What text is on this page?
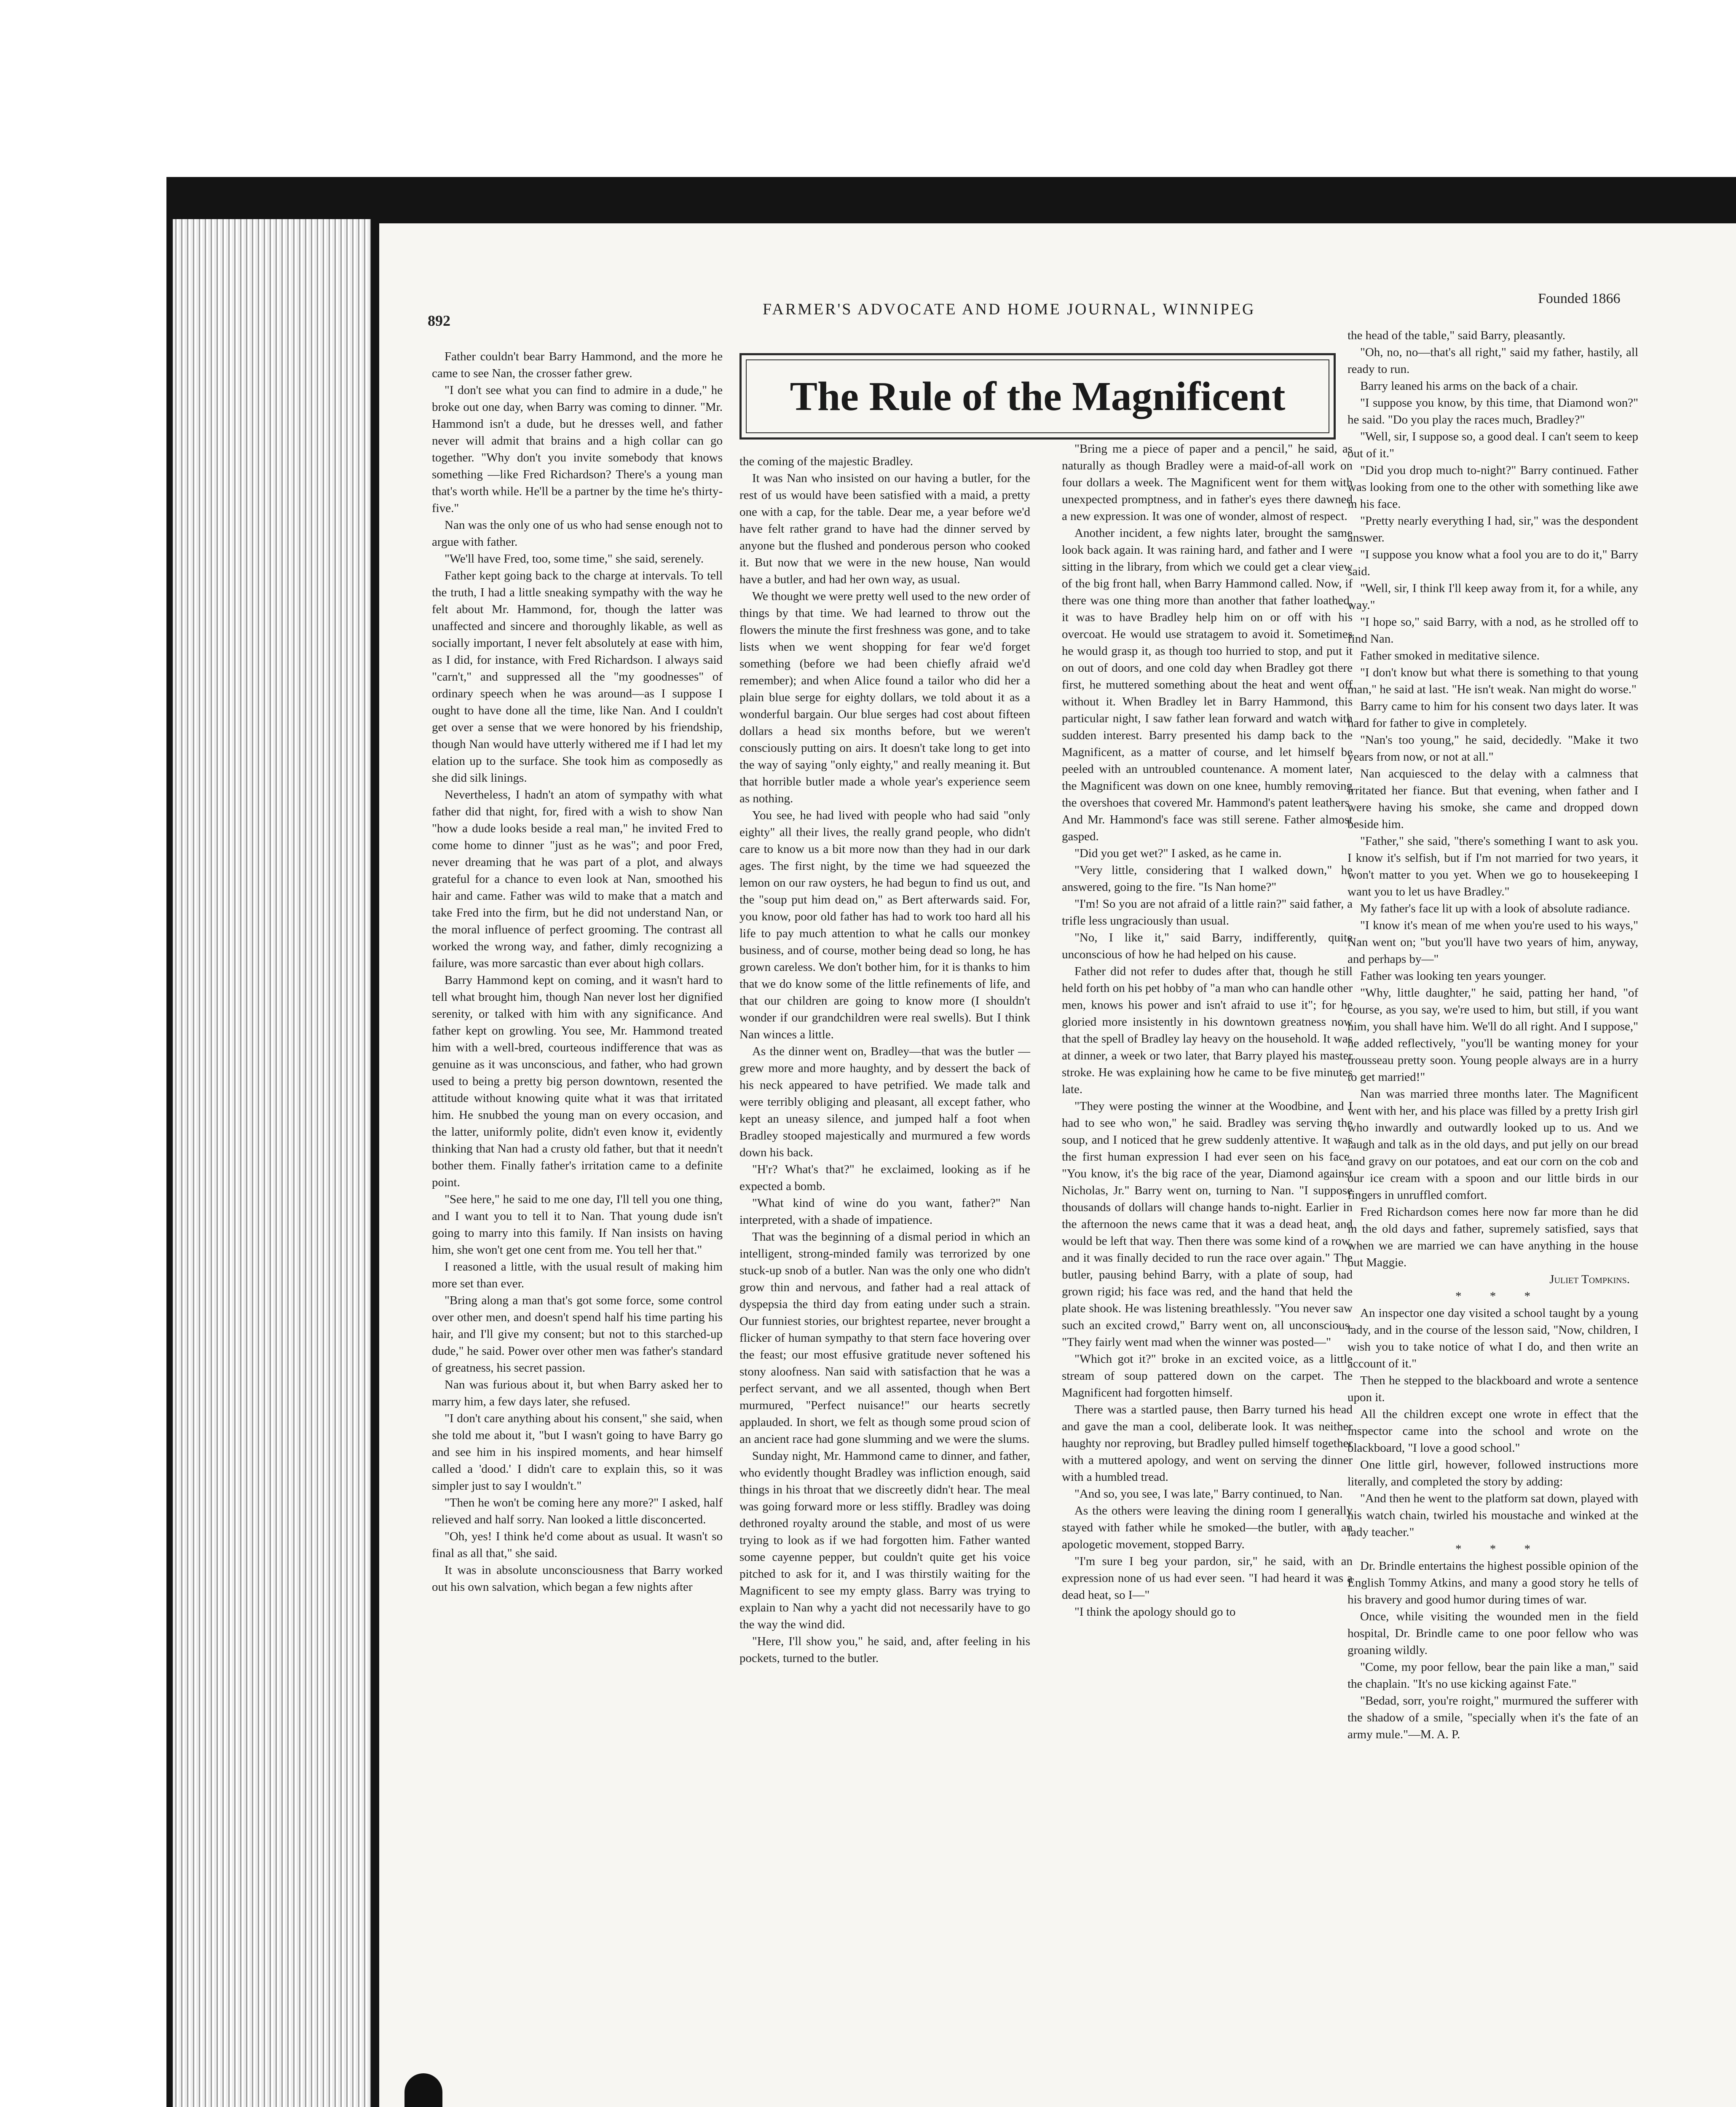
892
FARMER'S ADVOCATE AND HOME JOURNAL, WINNIPEG
Founded 1866
The Rule of the Magnificent

Father couldn't bear Barry Hammond, and the more he came to see Nan, the crosser father grew.

"I don't see what you can find to admire in a dude," he broke out one day, when Barry was coming to dinner. "Mr. Hammond isn't a dude, but he dresses well, and father never will admit that brains and a high collar can go together. "Why don't you invite somebody that knows something —like Fred Richardson? There's a young man that's worth while. He'll be a partner by the time he's thirty-five."

Nan was the only one of us who had sense enough not to argue with father.

"We'll have Fred, too, some time," she said, serenely.

Father kept going back to the charge at intervals. To tell the truth, I had a little sneaking sympathy with the way he felt about Mr. Hammond, for, though the latter was unaffected and sincere and thoroughly likable, as well as socially important, I never felt absolutely at ease with him, as I did, for instance, with Fred Richardson. I always said "carn't," and suppressed all the "my goodnesses" of ordinary speech when he was around—as I suppose I ought to have done all the time, like Nan. And I couldn't get over a sense that we were honored by his friendship, though Nan would have utterly withered me if I had let my elation up to the surface. She took him as composedly as she did silk linings.

Nevertheless, I hadn't an atom of sympathy with what father did that night, for, fired with a wish to show Nan "how a dude looks beside a real man," he invited Fred to come home to dinner "just as he was"; and poor Fred, never dreaming that he was part of a plot, and always grateful for a chance to even look at Nan, smoothed his hair and came. Father was wild to make that a match and take Fred into the firm, but he did not understand Nan, or the moral influence of perfect grooming. The contrast all worked the wrong way, and father, dimly recognizing a failure, was more sarcastic than ever about high collars.

Barry Hammond kept on coming, and it wasn't hard to tell what brought him, though Nan never lost her dignified serenity, or talked with him with any significance. And father kept on growling. You see, Mr. Hammond treated him with a well-bred, courteous indifference that was as genuine as it was unconscious, and father, who had grown used to being a pretty big person downtown, resented the attitude without knowing quite what it was that irritated him. He snubbed the young man on every occasion, and the latter, uniformly polite, didn't even know it, evidently thinking that Nan had a crusty old father, but that it needn't bother them. Finally father's irritation came to a definite point.

"See here," he said to me one day, I'll tell you one thing, and I want you to tell it to Nan. That young dude isn't going to marry into this family. If Nan insists on having him, she won't get one cent from me. You tell her that."

I reasoned a little, with the usual result of making him more set than ever.

"Bring along a man that's got some force, some control over other men, and doesn't spend half his time parting his hair, and I'll give my consent; but not to this starched-up dude," he said. Power over other men was father's standard of greatness, his secret passion.

Nan was furious about it, but when Barry asked her to marry him, a few days later, she refused.

"I don't care anything about his consent," she said, when she told me about it, "but I wasn't going to have Barry go and see him in his inspired moments, and hear himself called a 'dood.' I didn't care to explain this, so it was simpler just to say I wouldn't."

"Then he won't be coming here any more?" I asked, half relieved and half sorry. Nan looked a little disconcerted.

"Oh, yes! I think he'd come about as usual. It wasn't so final as all that," she said.

It was in absolute unconsciousness that Barry worked out his own salvation, which began a few nights after

the coming of the majestic Bradley.

It was Nan who insisted on our having a butler, for the rest of us would have been satisfied with a maid, a pretty one with a cap, for the table. Dear me, a year before we'd have felt rather grand to have had the dinner served by anyone but the flushed and ponderous person who cooked it. But now that we were in the new house, Nan would have a butler, and had her own way, as usual.

We thought we were pretty well used to the new order of things by that time. We had learned to throw out the flowers the minute the first freshness was gone, and to take lists when we went shopping for fear we'd forget something (before we had been chiefly afraid we'd remember); and when Alice found a tailor who did her a plain blue serge for eighty dollars, we told about it as a wonderful bargain. Our blue serges had cost about fifteen dollars a head six months before, but we weren't consciously putting on airs. It doesn't take long to get into the way of saying "only eighty," and really meaning it. But that horrible butler made a whole year's experience seem as nothing.

You see, he had lived with people who had said "only eighty" all their lives, the really grand people, who didn't care to know us a bit more now than they had in our dark ages. The first night, by the time we had squeezed the lemon on our raw oysters, he had begun to find us out, and the "soup put him dead on," as Bert afterwards said. For, you know, poor old father has had to work too hard all his life to pay much attention to what he calls our monkey business, and of course, mother being dead so long, he has grown careless. We don't bother him, for it is thanks to him that we do know some of the little refinements of life, and that our children are going to know more (I shouldn't wonder if our grandchildren were real swells). But I think Nan winces a little.

As the dinner went on, Bradley—that was the butler — grew more and more haughty, and by dessert the back of his neck appeared to have petrified. We made talk and were terribly obliging and pleasant, all except father, who kept an uneasy silence, and jumped half a foot when Bradley stooped majestically and murmured a few words down his back.

"H'r? What's that?" he exclaimed, looking as if he expected a bomb.

"What kind of wine do you want, father?" Nan interpreted, with a shade of impatience.

That was the beginning of a dismal period in which an intelligent, strong-minded family was terrorized by one stuck-up snob of a butler. Nan was the only one who didn't grow thin and nervous, and father had a real attack of dyspepsia the third day from eating under such a strain. Our funniest stories, our brightest repartee, never brought a flicker of human sympathy to that stern face hovering over the feast; our most effusive gratitude never softened his stony aloofness. Nan said with satisfaction that he was a perfect servant, and we all assented, though when Bert murmured, "Perfect nuisance!" our hearts secretly applauded. In short, we felt as though some proud scion of an ancient race had gone slumming and we were the slums.

Sunday night, Mr. Hammond came to dinner, and father, who evidently thought Bradley was infliction enough, said things in his throat that we discreetly didn't hear. The meal was going forward more or less stiffly. Bradley was doing dethroned royalty around the stable, and most of us were trying to look as if we had forgotten him. Father wanted some cayenne pepper, but couldn't quite get his voice pitched to ask for it, and I was thirstily waiting for the Magnificent to see my empty glass. Barry was trying to explain to Nan why a yacht did not necessarily have to go the way the wind did.

"Here, I'll show you," he said, and, after feeling in his pockets, turned to the butler.

"Bring me a piece of paper and a pencil," he said, as naturally as though Bradley were a maid-of-all work on four dollars a week. The Magnificent went for them with unexpected promptness, and in father's eyes there dawned a new expression. It was one of wonder, almost of respect.

Another incident, a few nights later, brought the same look back again. It was raining hard, and father and I were sitting in the library, from which we could get a clear view of the big front hall, when Barry Hammond called. Now, if there was one thing more than another that father loathed, it was to have Bradley help him on or off with his overcoat. He would use stratagem to avoid it. Sometimes he would grasp it, as though too hurried to stop, and put it on out of doors, and one cold day when Bradley got there first, he muttered something about the heat and went off without it. When Bradley let in Barry Hammond, this particular night, I saw father lean forward and watch with sudden interest. Barry presented his damp back to the Magnificent, as a matter of course, and let himself be peeled with an untroubled countenance. A moment later, the Magnificent was down on one knee, humbly removing the overshoes that covered Mr. Hammond's patent leathers. And Mr. Hammond's face was still serene. Father almost gasped.

"Did you get wet?" I asked, as he came in.

"Very little, considering that I walked down," he answered, going to the fire. "Is Nan home?"

"I'm! So you are not afraid of a little rain?" said father, a trifle less ungraciously than usual.

"No, I like it," said Barry, indifferently, quite unconscious of how he had helped on his cause.

Father did not refer to dudes after that, though he still held forth on his pet hobby of "a man who can handle other men, knows his power and isn't afraid to use it"; for he gloried more insistently in his downtown greatness now that the spell of Bradley lay heavy on the household. It was at dinner, a week or two later, that Barry played his master stroke. He was explaining how he came to be five minutes late.

"They were posting the winner at the Woodbine, and I had to see who won," he said. Bradley was serving the soup, and I noticed that he grew suddenly attentive. It was the first human expression I had ever seen on his face. "You know, it's the big race of the year, Diamond against Nicholas, Jr." Barry went on, turning to Nan. "I suppose thousands of dollars will change hands to-night. Earlier in the afternoon the news came that it was a dead heat, and would be left that way. Then there was some kind of a row, and it was finally decided to run the race over again." The butler, pausing behind Barry, with a plate of soup, had grown rigid; his face was red, and the hand that held the plate shook. He was listening breathlessly. "You never saw such an excited crowd," Barry went on, all unconscious. "They fairly went mad when the winner was posted—"

"Which got it?" broke in an excited voice, as a little stream of soup pattered down on the carpet. The Magnificent had forgotten himself.

There was a startled pause, then Barry turned his head and gave the man a cool, deliberate look. It was neither haughty nor reproving, but Bradley pulled himself together with a muttered apology, and went on serving the dinner with a humbled tread.

"And so, you see, I was late," Barry continued, to Nan.

As the others were leaving the dining room I generally stayed with father while he smoked—the butler, with an apologetic movement, stopped Barry.

"I'm sure I beg your pardon, sir," he said, with an expression none of us had ever seen. "I had heard it was a dead heat, so I—"

"I think the apology should go to

the head of the table," said Barry, pleasantly.

"Oh, no, no—that's all right," said my father, hastily, all ready to run.

Barry leaned his arms on the back of a chair.

"I suppose you know, by this time, that Diamond won?" he said. "Do you play the races much, Bradley?"

"Well, sir, I suppose so, a good deal. I can't seem to keep out of it."

"Did you drop much to-night?" Barry continued. Father was looking from one to the other with something like awe in his face.

"Pretty nearly everything I had, sir," was the despondent answer.

"I suppose you know what a fool you are to do it," Barry said.

"Well, sir, I think I'll keep away from it, for a while, any way."

"I hope so," said Barry, with a nod, as he strolled off to find Nan.

Father smoked in meditative silence.

"I don't know but what there is something to that young man," he said at last. "He isn't weak. Nan might do worse."

Barry came to him for his consent two days later. It was hard for father to give in completely.

"Nan's too young," he said, decidedly. "Make it two years from now, or not at all."

Nan acquiesced to the delay with a calmness that irritated her fiance. But that evening, when father and I were having his smoke, she came and dropped down beside him.

"Father," she said, "there's something I want to ask you. I know it's selfish, but if I'm not married for two years, it won't matter to you yet. When we go to housekeeping I want you to let us have Bradley."

My father's face lit up with a look of absolute radiance.

"I know it's mean of me when you're used to his ways," Nan went on; "but you'll have two years of him, anyway, and perhaps by—"

Father was looking ten years younger.

"Why, little daughter," he said, patting her hand, "of course, as you say, we're used to him, but still, if you want him, you shall have him. We'll do all right. And I suppose," he added reflectively, "you'll be wanting money for your trousseau pretty soon. Young people always are in a hurry to get married!"

Nan was married three months later. The Magnificent went with her, and his place was filled by a pretty Irish girl who inwardly and outwardly looked up to us. And we laugh and talk as in the old days, and put jelly on our bread and gravy on our potatoes, and eat our corn on the cob and our ice cream with a spoon and our little birds in our fingers in unruffled comfort.

Fred Richardson comes here now far more than he did in the old days and father, supremely satisfied, says that when we are married we can have anything in the house but Maggie.

Juliet Tompkins.

* * *

An inspector one day visited a school taught by a young lady, and in the course of the lesson said, "Now, children, I wish you to take notice of what I do, and then write an account of it."

Then he stepped to the blackboard and wrote a sentence upon it.

All the children except one wrote in effect that the inspector came into the school and wrote on the blackboard, "I love a good school."

One little girl, however, followed instructions more literally, and completed the story by adding:

"And then he went to the platform sat down, played with his watch chain, twirled his moustache and winked at the lady teacher."

* * *

Dr. Brindle entertains the highest possible opinion of the English Tommy Atkins, and many a good story he tells of his bravery and good humor during times of war.

Once, while visiting the wounded men in the field hospital, Dr. Brindle came to one poor fellow who was groaning wildly.

"Come, my poor fellow, bear the pain like a man," said the chaplain. "It's no use kicking against Fate."

"Bedad, sorr, you're roight," murmured the sufferer with the shadow of a smile, "specially when it's the fate of an army mule."—M. A. P.
